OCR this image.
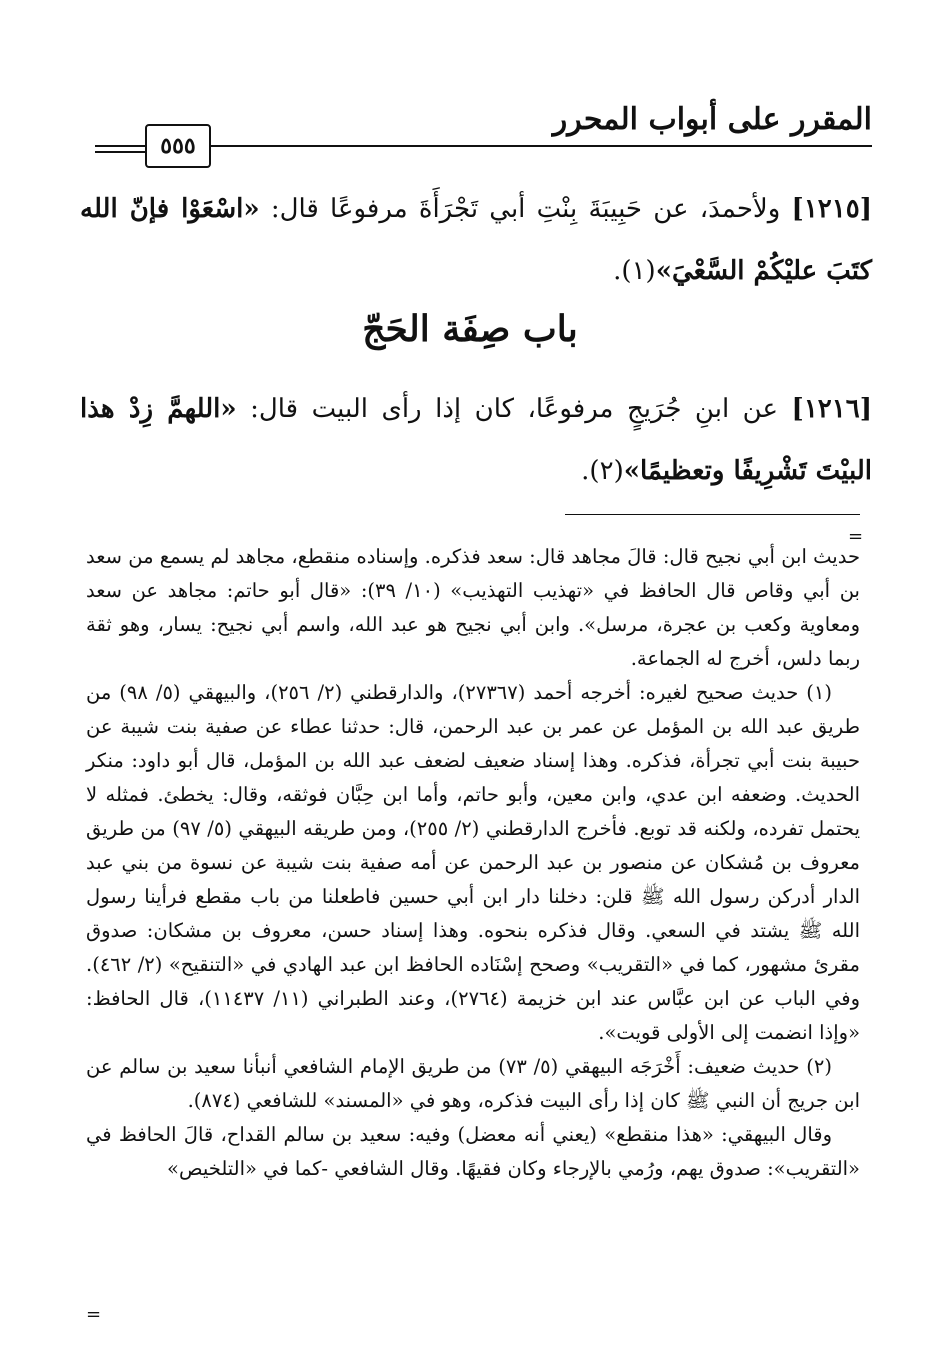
المقرر على أبواب المحرر
٥٥٥

[١٢١٥] ولأحمدَ، عن حَبِيبَةَ بِنْتِ أبي تَجْرَأَةَ مرفوعًا قال: «اسْعَوْا فإنّ الله كتَبَ عليْكُمْ السَّعْيَ»(١).

باب صِفَة الحَجّ

[١٢١٦] عن ابنِ جُرَيجٍ مرفوعًا، كان إذا رأى البيت قال: «اللهمَّ زِدْ هذا البيْتَ تَشْرِيفًا وتعظيمًا»(٢).

=

حديث ابن أبي نجيح قال: قالَ مجاهد قال: سعد فذكره. وإسناده منقطع، مجاهد لم يسمع من سعد بن أبي وقاص قال الحافظ في «تهذيب التهذيب» (١٠/ ٣٩): «قال أبو حاتم: مجاهد عن سعد ومعاوية وكعب بن عجرة، مرسل». وابن أبي نجيح هو عبد الله، واسم أبي نجيح: يسار، وهو ثقة ربما دلس، أخرج له الجماعة.

(١) حديث صحيح لغيره: أخرجه أحمد (٢٧٣٦٧)، والدارقطني (٢/ ٢٥٦)، والبيهقي (٥/ ٩٨) من طريق عبد الله بن المؤمل عن عمر بن عبد الرحمن، قال: حدثنا عطاء عن صفية بنت شيبة عن حبيبة بنت أبي تجرأة، فذكره. وهذا إسناد ضعيف لضعف عبد الله بن المؤمل، قال أبو داود: منكر الحديث. وضعفه ابن عدي، وابن معين، وأبو حاتم، وأما ابن حِبَّان فوثقه، وقال: يخطئ. فمثله لا يحتمل تفرده، ولكنه قد توبع. فأخرج الدارقطني (٢/ ٢٥٥)، ومن طريقه البيهقي (٥/ ٩٧) من طريق معروف بن مُشكان عن منصور بن عبد الرحمن عن أمه صفية بنت شيبة عن نسوة من بني عبد الدار أدركن رسول الله ﷺ قلن: دخلنا دار ابن أبي حسين فاطعلنا من باب مقطع فرأينا رسول الله ﷺ يشتد في السعي. وقال فذكره بنحوه. وهذا إسناد حسن، معروف بن مشكان: صدوق مقرئ مشهور، كما في «التقريب» وصحح إسْنَاده الحافظ ابن عبد الهادي في «التنقيح» (٢/ ٤٦٢). وفي الباب عن ابن عبَّاس عند ابن خزيمة (٢٧٦٤)، وعند الطبراني (١١/ ١١٤٣٧)، قال الحافظ: «وإذا انضمت إلى الأولى قويت».

(٢) حديث ضعيف: أَخْرَجَه البيهقي (٥/ ٧٣) من طريق الإمام الشافعي أنبأنا سعيد بن سالم عن ابن جريج أن النبي ﷺ كان إذا رأى البيت فذكره، وهو في «المسند» للشافعي (٨٧٤).

وقال البيهقي: «هذا منقطع» (يعني أنه معضل) وفيه: سعيد بن سالم القداح، قالَ الحافظ في «التقريب»: صدوق يهم، ورُمي بالإرجاء وكان فقيهًا. وقال الشافعي -كما في «التلخيص»

=
